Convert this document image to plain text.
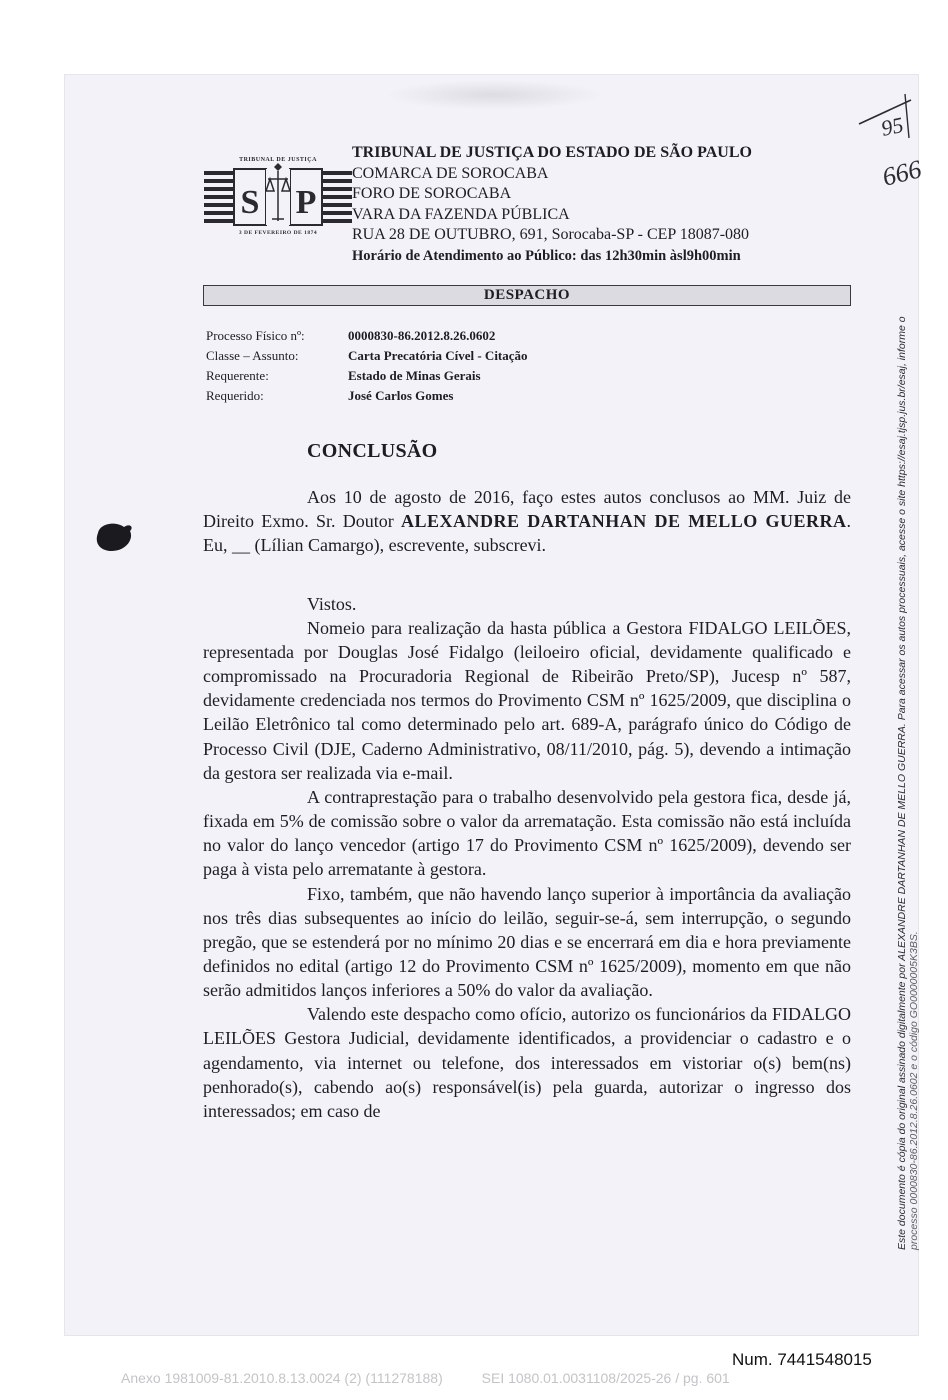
95
666
TRIBUNAL DE JUSTIÇA
S P
3 DE FEVEREIRO DE 1874
TRIBUNAL DE JUSTIÇA DO ESTADO DE SÃO PAULO
COMARCA DE SOROCABA
FORO DE SOROCABA
VARA DA FAZENDA PÚBLICA
RUA 28 DE OUTUBRO, 691, Sorocaba-SP - CEP 18087-080
Horário de Atendimento ao Público: das 12h30min àsl9h00min
DESPACHO
Processo Físico nº:	0000830-86.2012.8.26.0602
Classe – Assunto:	Carta Precatória Cível - Citação
Requerente:	Estado de Minas Gerais
Requerido:	José Carlos Gomes
CONCLUSÃO

Aos 10 de agosto de 2016, faço estes autos conclusos ao MM. Juiz de Direito Exmo. Sr. Doutor ALEXANDRE DARTANHAN DE MELLO GUERRA. Eu, __ (Lílian Camargo), escrevente, subscrevi.

Vistos.

Nomeio para realização da hasta pública a Gestora FIDALGO LEILÕES, representada por Douglas José Fidalgo (leiloeiro oficial, devidamente qualificado e compromissado na Procuradoria Regional de Ribeirão Preto/SP), Jucesp nº 587, devidamente credenciada nos termos do Provimento CSM nº 1625/2009, que disciplina o Leilão Eletrônico tal como determinado pelo art. 689-A, parágrafo único do Código de Processo Civil (DJE, Caderno Administrativo, 08/11/2010, pág. 5), devendo a intimação da gestora ser realizada via e-mail.

A contraprestação para o trabalho desenvolvido pela gestora fica, desde já, fixada em 5% de comissão sobre o valor da arrematação. Esta comissão não está incluída no valor do lanço vencedor (artigo 17 do Provimento CSM nº 1625/2009), devendo ser paga à vista pelo arrematante à gestora.

Fixo, também, que não havendo lanço superior à importância da avaliação nos três dias subsequentes ao início do leilão, seguir-se-á, sem interrupção, o segundo pregão, que se estenderá por no mínimo 20 dias e se encerrará em dia e hora previamente definidos no edital (artigo 12 do Provimento CSM nº 1625/2009), momento em que não serão admitidos lanços inferiores a 50% do valor da avaliação.

Valendo este despacho como ofício, autorizo os funcionários da FIDALGO LEILÕES Gestora Judicial, devidamente identificados, a providenciar o cadastro e o agendamento, via internet ou telefone, dos interessados em vistoriar o(s) bem(ns) penhorado(s), cabendo ao(s) responsável(is) pela guarda, autorizar o ingresso dos interessados; em caso de	Este documento é cópia do original assinado digitalmente por ALEXANDRE DARTANHAN DE MELLO GUERRA. Para acessar os autos processuais, acesse o site https://esaj.tjsp.jus.br/esaj, informe o processo 0000830-86.2012.8.26.0602 e o código GO0000005K3BS.
Num. 7441548015
Anexo 1981009-81.2010.8.13.0024 (2) (111278188)	SEI 1080.01.0031108/2025-26 / pg. 601
